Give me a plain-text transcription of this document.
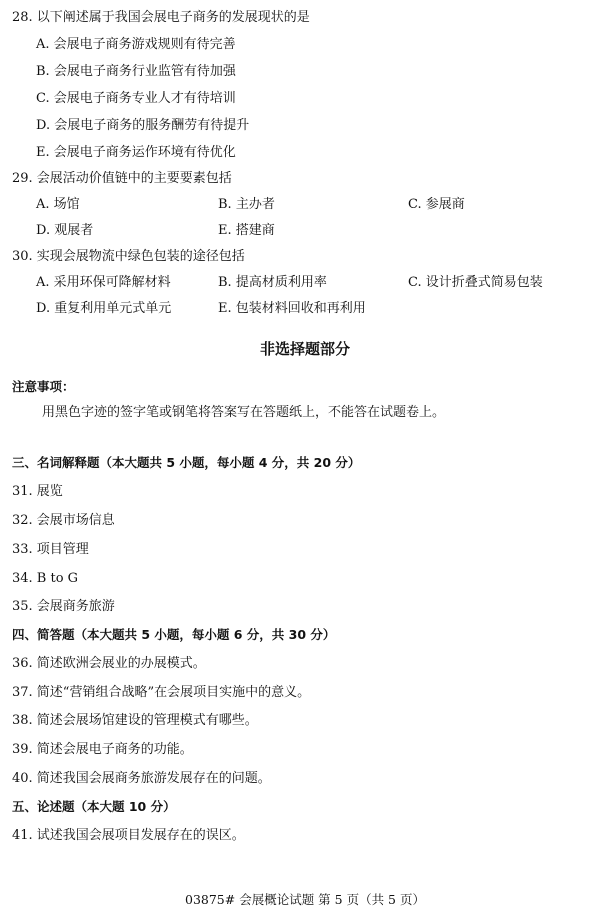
28. 以下阐述属于我国会展电子商务的发展现状的是
A. 会展电子商务游戏规则有待完善
B. 会展电子商务行业监管有待加强
C. 会展电子商务专业人才有待培训
D. 会展电子商务的服务酬劳有待提升
E. 会展电子商务运作环境有待优化
29. 会展活动价值链中的主要要素包括
A. 场馆	B. 主办者	C. 参展商
D. 观展者	E. 搭建商
30. 实现会展物流中绿色包装的途径包括
A. 采用环保可降解材料	B. 提高材质利用率	C. 设计折叠式简易包装
D. 重复利用单元式单元	E. 包装材料回收和再利用
非选择题部分
注意事项：
用黑色字迹的签字笔或钢笔将答案写在答题纸上，不能答在试题卷上。
三、名词解释题（本大题共 5 小题，每小题 4 分，共 20 分）
31. 展览
32. 会展市场信息
33. 项目管理
34. B to G
35. 会展商务旅游
四、简答题（本大题共 5 小题，每小题 6 分，共 30 分）
36. 简述欧洲会展业的办展模式。
37. 简述“营销组合战略”在会展项目实施中的意义。
38. 简述会展场馆建设的管理模式有哪些。
39. 简述会展电子商务的功能。
40. 简述我国会展商务旅游发展存在的问题。
五、论述题（本大题 10 分）
41. 试述我国会展项目发展存在的误区。
03875# 会展概论试题 第 5 页（共 5 页）
